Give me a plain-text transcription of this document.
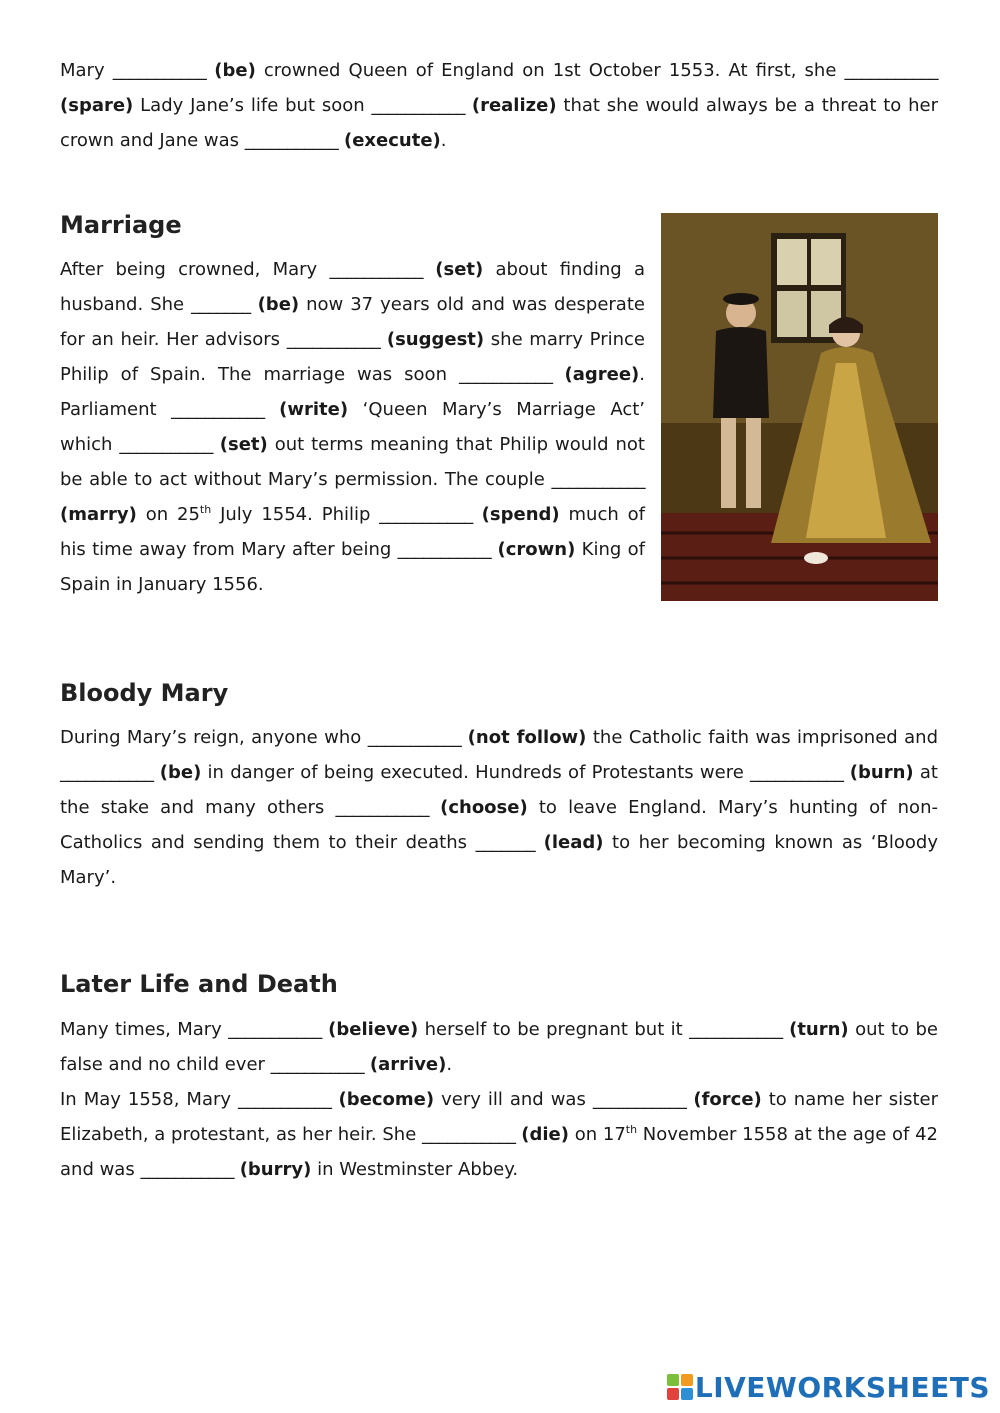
Mary ___________ (be) crowned Queen of England on 1st October 1553. At first, she ___________ (spare) Lady Jane’s life but soon ___________ (realize) that she would always be a threat to her crown and Jane was ___________ (execute).

Marriage

After being crowned, Mary ___________ (set) about finding a husband. She _______ (be) now 37 years old and was desperate for an heir. Her advisors ___________ (suggest) she marry Prince Philip of Spain. The marriage was soon ___________ (agree). Parliament ___________ (write) ‘Queen Mary’s Marriage Act’ which ___________ (set) out terms meaning that Philip would not be able to act without Mary’s permission. The couple ___________ (marry) on 25th July 1554. Philip ___________ (spend) much of his time away from Mary after being ___________ (crown) King of Spain in January 1556.

Bloody Mary

During Mary’s reign, anyone who ___________ (not follow) the Catholic faith was imprisoned and ___________ (be) in danger of being executed. Hundreds of Protestants were ___________ (burn) at the stake and many others ___________ (choose) to leave England. Mary’s hunting of non-Catholics and sending them to their deaths _______ (lead) to her becoming known as ‘Bloody Mary’.

Later Life and Death

Many times, Mary ___________ (believe) herself to be pregnant but it ___________ (turn) out to be false and no child ever ___________ (arrive).

In May 1558, Mary ___________ (become) very ill and was ___________ (force) to name her sister Elizabeth, a protestant, as her heir. She ___________ (die) on 17th November 1558 at the age of 42 and was ___________ (burry) in Westminster Abbey.

LIVEWORKSHEETS
